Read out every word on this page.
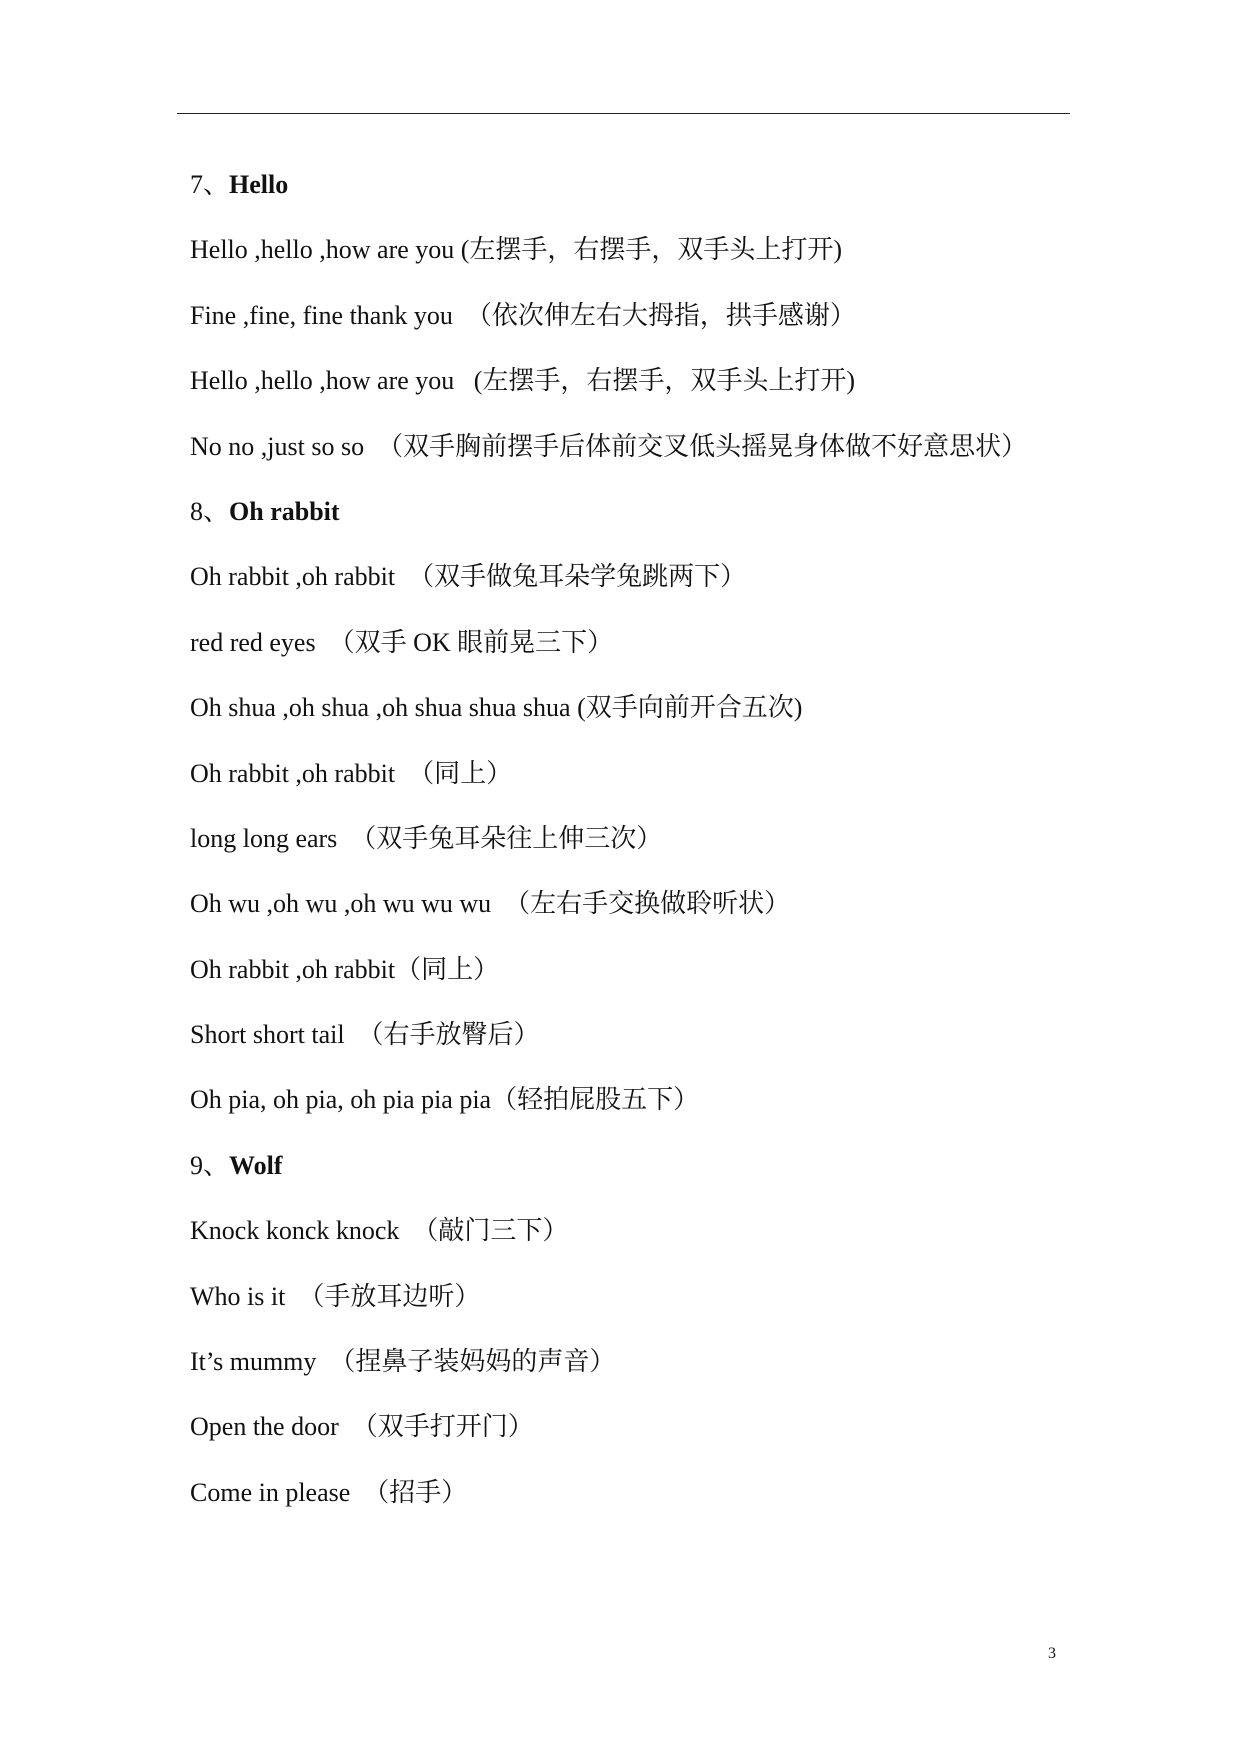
7、Hello
Hello ,hello ,how are you (左摆手，右摆手，双手头上打开)
Fine ,fine, fine thank you  （依次伸左右大拇指，拱手感谢）
Hello ,hello ,how are you   (左摆手，右摆手，双手头上打开)
No no ,just so so  （双手胸前摆手后体前交叉低头摇晃身体做不好意思状）
8、Oh rabbit
Oh rabbit ,oh rabbit  （双手做兔耳朵学兔跳两下）
red red eyes  （双手 OK 眼前晃三下）
Oh shua ,oh shua ,oh shua shua shua (双手向前开合五次)
Oh rabbit ,oh rabbit  （同上）
long long ears  （双手兔耳朵往上伸三次）
Oh wu ,oh wu ,oh wu wu wu  （左右手交换做聆听状）
Oh rabbit ,oh rabbit（同上）
Short short tail  （右手放臀后）
Oh pia, oh pia, oh pia pia pia（轻拍屁股五下）
9、Wolf
Knock konck knock  （敲门三下）
Who is it  （手放耳边听）
It’s mummy  （捏鼻子装妈妈的声音）
Open the door  （双手打开门）
Come in please  （招手）
3
